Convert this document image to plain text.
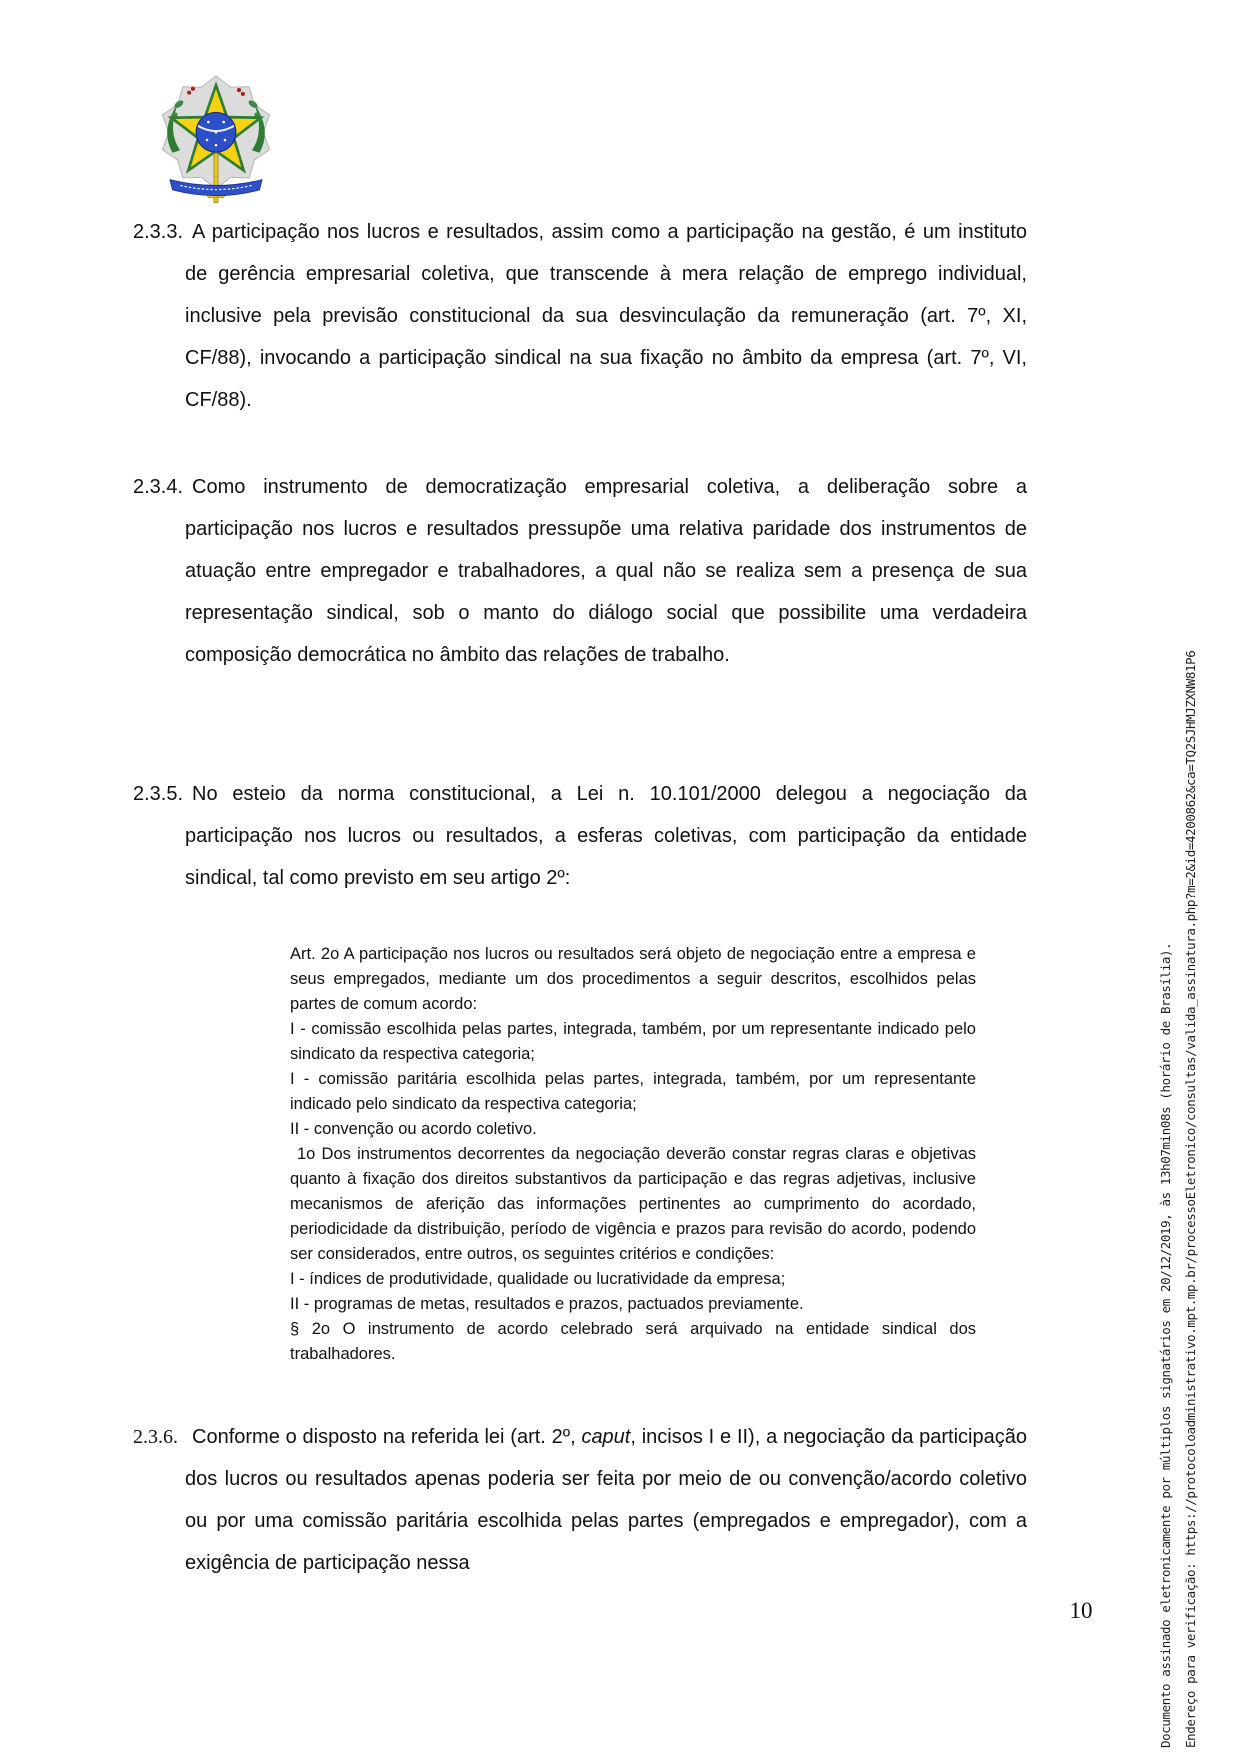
2.3.3. A participação nos lucros e resultados, assim como a participação na gestão, é um instituto de gerência empresarial coletiva, que transcende à mera relação de emprego individual, inclusive pela previsão constitucional da sua desvinculação da remuneração (art. 7º, XI, CF/88), invocando a participação sindical na sua fixação no âmbito da empresa (art. 7º, VI, CF/88).

2.3.4. Como instrumento de democratização empresarial coletiva, a deliberação sobre a participação nos lucros e resultados pressupõe uma relativa paridade dos instrumentos de atuação entre empregador e trabalhadores, a qual não se realiza sem a presença de sua representação sindical, sob o manto do diálogo social que possibilite uma verdadeira composição democrática no âmbito das relações de trabalho.

2.3.5. No esteio da norma constitucional, a Lei n. 10.101/2000 delegou a negociação da participação nos lucros ou resultados, a esferas coletivas, com participação da entidade sindical, tal como previsto em seu artigo 2º:

Art. 2o A participação nos lucros ou resultados será objeto de negociação entre a empresa e seus empregados, mediante um dos procedimentos a seguir descritos, escolhidos pelas partes de comum acordo:

I - comissão escolhida pelas partes, integrada, também, por um representante indicado pelo sindicato da respectiva categoria;

I - comissão paritária escolhida pelas partes, integrada, também, por um representante indicado pelo sindicato da respectiva categoria;

II - convenção ou acordo coletivo.

1o Dos instrumentos decorrentes da negociação deverão constar regras claras e objetivas quanto à fixação dos direitos substantivos da participação e das regras adjetivas, inclusive mecanismos de aferição das informações pertinentes ao cumprimento do acordado, periodicidade da distribuição, período de vigência e prazos para revisão do acordo, podendo ser considerados, entre outros, os seguintes critérios e condições:

I - índices de produtividade, qualidade ou lucratividade da empresa;

II - programas de metas, resultados e prazos, pactuados previamente.

§ 2o O instrumento de acordo celebrado será arquivado na entidade sindical dos trabalhadores.

2.3.6. Conforme o disposto na referida lei (art. 2º, caput, incisos I e II), a negociação da participação dos lucros ou resultados apenas poderia ser feita por meio de ou convenção/acordo coletivo ou por uma comissão paritária escolhida pelas partes (empregados e empregador), com a exigência de participação nessa

10	Documento assinado eletronicamente por múltiplos signatários em 20/12/2019, às 13h07min08s (horário de Brasília). Endereço para verificação: https://protocoloadministrativo.mpt.mp.br/processoEletronico/consultas/valida_assinatura.php?m=2&id=4200862&ca=TQ2SJHMJZXNW81P6
